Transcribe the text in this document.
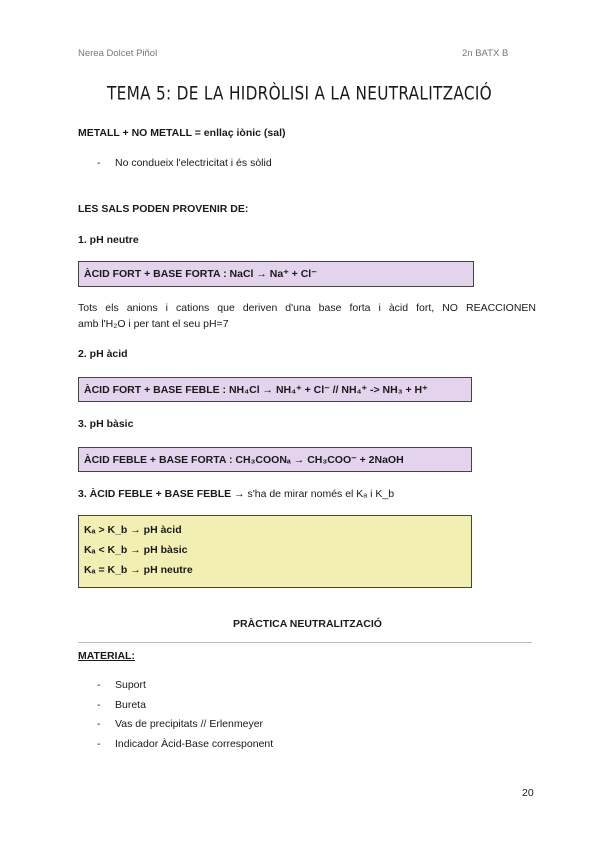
Nerea Dolcet Piñol	2n BATX B
TEMA 5: DE LA HIDRÒLISI A LA NEUTRALITZACIÓ
METALL + NO METALL = enllaç iònic (sal)
- No condueix l'electricitat i és sòlid
LES SALS PODEN PROVENIR DE:
1. pH neutre
ÀCID FORT + BASE FORTA : NaCl → Na⁺ + Cl⁻
Tots els anions i cations que deriven d'una base forta i àcid fort, NO REACCIONEN
amb l'H₂O i per tant el seu pH=7
2. pH àcid
ÀCID FORT + BASE FEBLE : NH₄Cl → NH₄⁺ + Cl⁻ // NH₄⁺ -> NH₃ + H⁺
3. pH bàsic
ÀCID FEBLE + BASE FORTA : CH₃COONₐ → CH₃COO⁻ + 2NaOH
3. ÀCID FEBLE + BASE FEBLE → s'ha de mirar només el Kₐ i K_b
Kₐ > K_b → pH àcid
Kₐ < K_b → pH bàsic
Kₐ = K_b → pH neutre
PRÀCTICA NEUTRALITZACIÓ
MATERIAL:
- Suport
- Bureta
- Vas de precipitats // Erlenmeyer
- Indicador Àcid-Base corresponent
20
